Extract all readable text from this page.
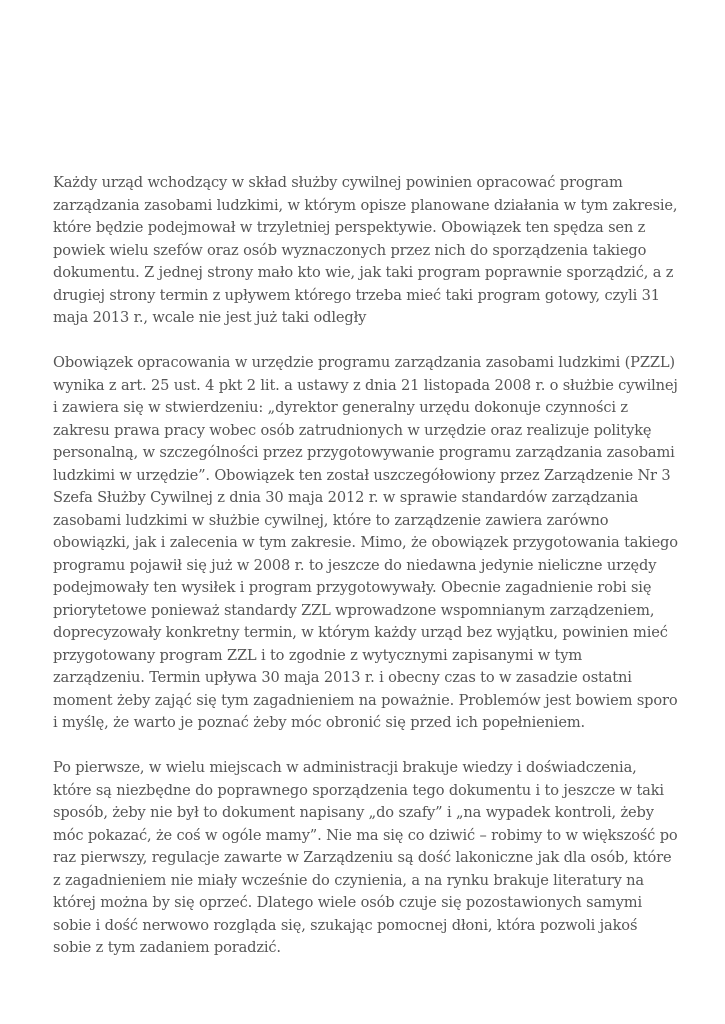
Każdy urząd wchodzący w skład służby cywilnej powinien opracować program zarządzania zasobami ludzkimi, w którym opisze planowane działania w tym zakresie, które będzie podejmował w trzyletniej perspektywie. Obowiązek ten spędza sen z powiek wielu szefów oraz osób wyznaczonych przez nich do sporządzenia takiego dokumentu. Z jednej strony mało kto wie, jak taki program poprawnie sporządzić, a z drugiej strony termin z upływem którego trzeba mieć taki program gotowy, czyli 31 maja 2013 r., wcale nie jest już taki odległy

Obowiązek opracowania w urzędzie programu zarządzania zasobami ludzkimi (PZZL) wynika z art. 25 ust. 4 pkt 2 lit. a ustawy z dnia 21 listopada 2008 r. o służbie cywilnej i zawiera się w stwierdzeniu: „dyrektor generalny urzędu dokonuje czynności z zakresu prawa pracy wobec osób zatrudnionych w urzędzie oraz realizuje politykę personalną, w szczególności przez przygotowywanie programu zarządzania zasobami ludzkimi w urzędzie”. Obowiązek ten został uszczegółowiony przez Zarządzenie Nr 3 Szefa Służby Cywilnej z dnia 30 maja 2012 r. w sprawie standardów zarządzania zasobami ludzkimi w służbie cywilnej, które to zarządzenie zawiera zarówno obowiązki, jak i zalecenia w tym zakresie. Mimo, że obowiązek przygotowania takiego programu pojawił się już w 2008 r. to jeszcze do niedawna jedynie nieliczne urzędy podejmowały ten wysiłek i program przygotowywały. Obecnie zagadnienie robi się priorytetowe ponieważ standardy ZZL wprowadzone wspomnianym zarządzeniem, doprecyzowały konkretny termin, w którym każdy urząd bez wyjątku, powinien mieć przygotowany program ZZL i to zgodnie z wytycznymi zapisanymi w tym zarządzeniu. Termin upływa 30 maja 2013 r. i obecny czas to w zasadzie ostatni moment żeby zająć się tym zagadnieniem na poważnie. Problemów jest bowiem sporo i myślę, że warto je poznać żeby móc obronić się przed ich popełnieniem.

Po pierwsze, w wielu miejscach w administracji brakuje wiedzy i doświadczenia, które są niezbędne do poprawnego sporządzenia tego dokumentu i to jeszcze w taki sposób, żeby nie był to dokument napisany „do szafy” i „na wypadek kontroli, żeby móc pokazać, że coś w ogóle mamy”. Nie ma się co dziwić – robimy to w większość po raz pierwszy, regulacje zawarte w Zarządzeniu są dość lakoniczne jak dla osób, które z zagadnieniem nie miały wcześnie do czynienia, a na rynku brakuje literatury na której można by się oprzeć. Dlatego wiele osób czuje się pozostawionych samymi sobie i dość nerwowo rozgląda się, szukając pomocnej dłoni, która pozwoli jakoś sobie z tym zadaniem poradzić.
